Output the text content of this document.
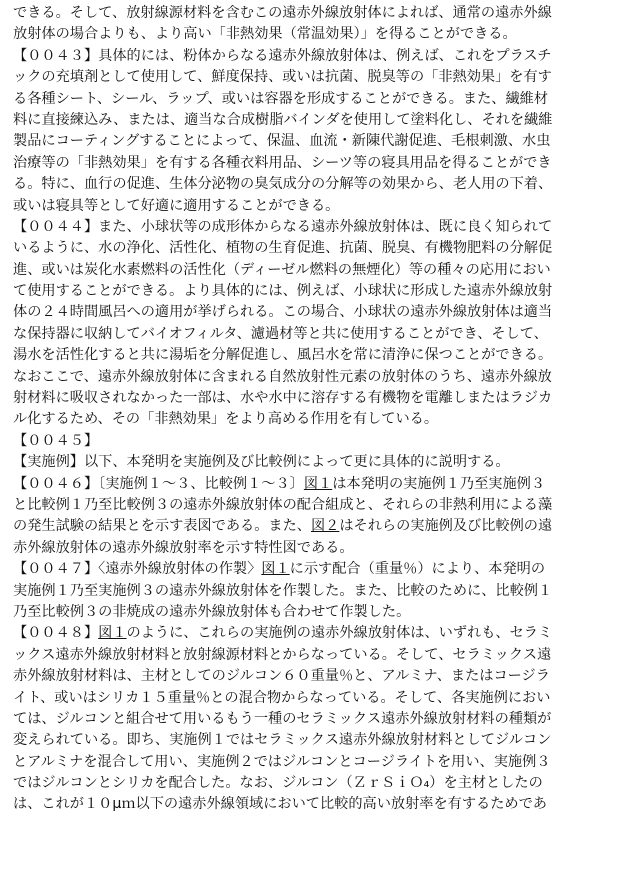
できる。そして、放射線源材料を含むこの遠赤外線放射体によれば、通常の遠赤外線
放射体の場合よりも、より高い「非熱効果（常温効果）」を得ることができる。
【００４３】具体的には、粉体からなる遠赤外線放射体は、例えば、これをプラスチ
ックの充填剤として使用して、鮮度保持、或いは抗菌、脱臭等の「非熱効果」を有す
る各種シート、シール、ラップ、或いは容器を形成することができる。また、繊維材
料に直接練込み、または、適当な合成樹脂バインダを使用して塗料化し、それを繊維
製品にコーティングすることによって、保温、血流・新陳代謝促進、毛根刺激、水虫
治療等の「非熱効果」を有する各種衣料用品、シーツ等の寝具用品を得ることができ
る。特に、血行の促進、生体分泌物の臭気成分の分解等の効果から、老人用の下着、
或いは寝具等として好適に適用することができる。
【００４４】また、小球状等の成形体からなる遠赤外線放射体は、既に良く知られて
いるように、水の浄化、活性化、植物の生育促進、抗菌、脱臭、有機物肥料の分解促
進、或いは炭化水素燃料の活性化（ディーゼル燃料の無煙化）等の種々の応用におい
て使用することができる。より具体的には、例えば、小球状に形成した遠赤外線放射
体の２４時間風呂への適用が挙げられる。この場合、小球状の遠赤外線放射体は適当
な保持器に収納してバイオフィルタ、濾過材等と共に使用することができ、そして、
湯水を活性化すると共に湯垢を分解促進し、風呂水を常に清浄に保つことができる。
なおここで、遠赤外線放射体に含まれる自然放射性元素の放射体のうち、遠赤外線放
射材料に吸収されなかった一部は、水や水中に溶存する有機物を電離しまたはラジカ
ル化するため、その「非熱効果」をより高める作用を有している。
【００４５】
【実施例】以下、本発明を実施例及び比較例によって更に具体的に説明する。
【００４６】〔実施例１～３、比較例１～３〕図１は本発明の実施例１乃至実施例３
と比較例１乃至比較例３の遠赤外線放射体の配合組成と、それらの非熱利用による藻
の発生試験の結果とを示す表図である。また、図２はそれらの実施例及び比較例の遠
赤外線放射体の遠赤外線放射率を示す特性図である。
【００４７】〈遠赤外線放射体の作製〉図１に示す配合（重量％）により、本発明の
実施例１乃至実施例３の遠赤外線放射体を作製した。また、比較のために、比較例１
乃至比較例３の非焼成の遠赤外線放射体も合わせて作製した。
【００４８】図１のように、これらの実施例の遠赤外線放射体は、いずれも、セラミ
ックス遠赤外線放射材料と放射線源材料とからなっている。そして、セラミックス遠
赤外線放射材料は、主材としてのジルコン６０重量％と、アルミナ、またはコージラ
イト、或いはシリカ１５重量％との混合物からなっている。そして、各実施例におい
ては、ジルコンと組合せて用いるもう一種のセラミックス遠赤外線放射材料の種類が
変えられている。即ち、実施例１ではセラミックス遠赤外線放射材料としてジルコン
とアルミナを混合して用い、実施例２ではジルコンとコージライトを用い、実施例３
ではジルコンとシリカを配合した。なお、ジルコン（ＺｒＳｉＯ₄）を主材としたの
は、これが１０μｍ以下の遠赤外線領域において比較的高い放射率を有するためであ
